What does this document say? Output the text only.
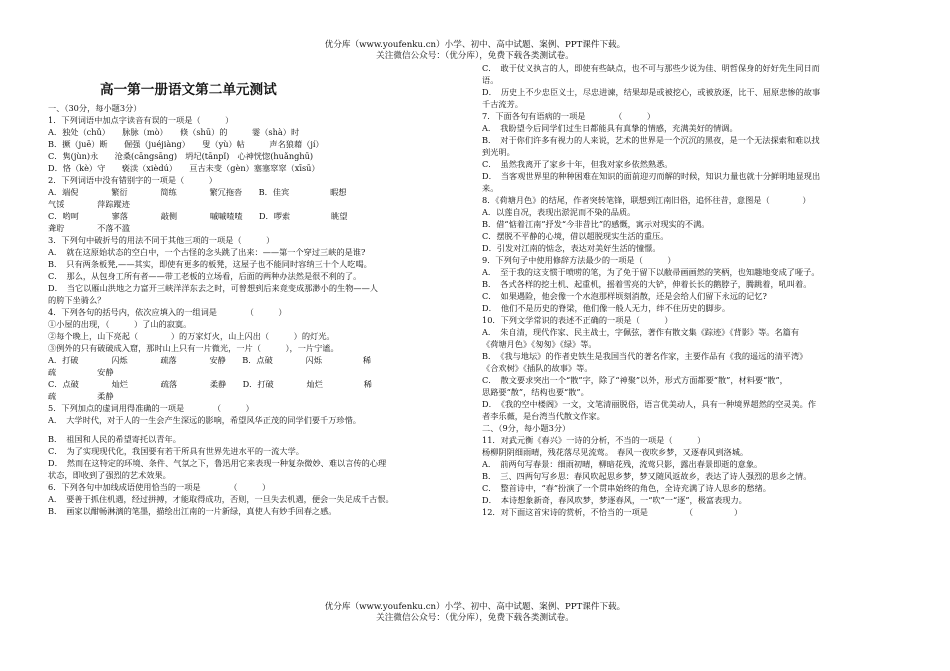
优分库（www.youfenku.cn）小学、初中、高中试题、案例、PPT课件下载。
关注微信公众号：（优分库），免费下载各类测试卷。
高一第一册语文第二单元测试
一、（30分，每小题3分）
1．下列词语中加点字读音有误的一项是（　　　）
A．独处（chǔ）　　脉脉（mò）　　倏（shū）的　　　霎（shà）时
B．撅（juē）断　　倔强（juéjiàng）　　叟（yù）帖　　　声名狼藉（jí）
C．隽(jùn)永　　沧桑(cāngsāng)　坍圮(tānpǐ)　心神恍惚(huǎnghū)
D．恪（kè）守　　亵渎（xièdú）　　亘古未变（gèn）塞塞窣窣（xīsū）
2．下列词语中没有错别字的一项是（　　　）
A．端倪　　　　繁衍　　　　简练　　　　繁冗拖沓　　B．佳宾　　　　　暇想
气馁　　　　萍踪蹤迹
C．哟呵　　　　寥落　　　　敲侧　　　　嘁嘁喳喳　　D．啰索　　　　　眺望
聋聍　　　　不落不滥
3．下列句中破折号的用法不同于其他三项的一项是（　　　）
A．　就在这原始状态的空白中，一个古怪的念头跳了出来：——第一个穿过三峡的是谁?
B．　只有两条板凳,——其实，即使有更多的板凳，这屋子也不能同时容纳三十个人吃喝。
C．　那么，从包身工所有者——带工老板的立场看，后面的两种办法然是很不利的了。
D．　当它以雁山洪地之力富开三峡洋洋东去之时，可曾想到后来竟变成那渺小的生物——人
的胯下坐骑么？
4．下列各句的括号内，依次应填入的一组词是　　　　（　　　）
①小屋的出现，（　　　）了山的寂寞。
②每个晚上，山下亮起（　　　　）的万家灯火，山上闪出（　　　）的灯光。
③例外的只有破破成入窟，那时山上只有一片微光，一片（　　　），一片宁谧。
A．打破　　　　闪烁　　　　疏落　　　　安静　　B．点破　　　　闪烁　　　　　稀
疏　　　　　安静
C．点破　　　　灿烂　　　　疏落　　　　柔静　　D．打破　　　　灿烂　　　　　稀
疏　　　　　柔静
5．下列加点的虚词用得准确的一项是　　　　（　　　）
A．　大学时代，对于人的一生会产生深远的影响，希望风华正茂的同学们要千万珍惜。
B．　祖国和人民的希望寄托以青年。
C．　为了实现现代化，我国要有若干所具有世界先进水平的一流大学。
D．　然而在这特定的环境、条件、气氛之下，鲁迅用它来表现一种复杂微妙、难以言传的心理
状态，即收到了强烈的艺术效果。
6．下列各句中加线成语使用恰当的一项是　　　　（　　　）
A．　要善于抓住机遇，经过拼搏，才能取得成功，否则，一旦失去机遇，便会一失足成千古恨。
B．　画家以酣畅淋漓的笔墨，描绘出江南的一片新绿，真使人有妙手回春之感。
C．　敢于仗义执言的人，即使有些缺点，也不可与那些少说为佳、明哲保身的好好先生同日而
语。
D．　历史上不少忠臣义士，尽忠进谏，结果却是或被挖心，或被放逐，比干、屈原悲惨的故事
千古流芳。
7．下面各句有语病的一项是　　　　（　　　）
A．　我盼望今后同学们过生日都能具有真挚的情感，充满美好的情调。
B．　对于你们许多有视力的人来说，艺术的世界是一个沉沉的黑夜，是一个无法探索和难以找
到光明。
C．　虽然我离开了家乡十年，但我对家乡依然熟悉。
D．　当客观世界里的种种困难在知识的面前迎刃而解的时候，知识力量也就十分鲜明地显现出
来。
8．《荷塘月色》的结尾，作者突转笔锋，联想到江南旧俗，追怀往昔，意图是（　　　　）
A．以莲自况，表现出淤泥而不染的品质。
B．借“惦着江南”抒发“今非昔比”的感慨，寓示对现实的不满。
C．摆脱不平静的心境，借以超脱现实生活的重压。
D．引发对江南的惦念，表达对美好生活的憧憬。
9．下列句子中使用修辞方法最少的一项是（　　　）
A．　至于我的这支惯于喷唠的笔，为了免于留下以敝帚画画然的笑柄，也知趣地变成了哑子。
B．　各式各样的挖土机、起重机，摇着雪亮的大铲，伸着长长的鹅脖子，腾跳着，吼叫着。
C．　如果遇险，他会像一个水泡那样顷刻消散，还是会给人们留下永远的记忆?
D．　他们不是历史的脊梁，他们像一般人无力，绊不住历史的脚步。
10．下列文学常识的表述不正确的一项是（　　　）
A．　朱自清，现代作家、民主战士，字佩弦，著作有散文集《踪迹》《背影》等。名篇有
《荷塘月色》《匆匆》《绿》等。
B．　《我与地坛》的作者史铁生是我国当代的著名作家，主要作品有《我的遥远的清平湾》
《合欢树》《插队的故事》等。
C．　散文要求突出一个“散”字，除了“神聚”以外，形式方面都要“散”，材料要“散”，
思路要“散”，结构也要“散”。
D．　《我的空中楼阁》一文，文笔清丽脱俗，语言优美动人，具有一种境界超然的空灵美。作
者李乐薇，是台湾当代散文作家。
二、（9分，每小题3分）
11．对武元衡《春兴》一诗的分析，不当的一项是（　　　）
杨柳阴阴细雨晴，残花落尽见流莺。　春风一夜吹乡梦，又逐春风到洛城。
A．　前两句写春景：细雨初晴，柳暗花残，流莺只影，露出春景即逝的意象。
B．　三、四两句写乡思：春风吹起思乡梦，梦又随风返故乡，表达了诗人强烈的思乡之情。
C．　整首诗中，“春”扮演了一个贯串始终的角色，全诗充满了诗人思乡的愁绪。
D．　本诗想象新奇，春风吹梦，梦逐春风，一“吹”一“逐”，极富表现力。
12．对下面这首宋诗的赏析，不恰当的一项是　　　　　（　　　　　）
优分库（www.youfenku.cn）小学、初中、高中试题、案例、PPT课件下载。
关注微信公众号：（优分库），免费下载各类测试卷。
